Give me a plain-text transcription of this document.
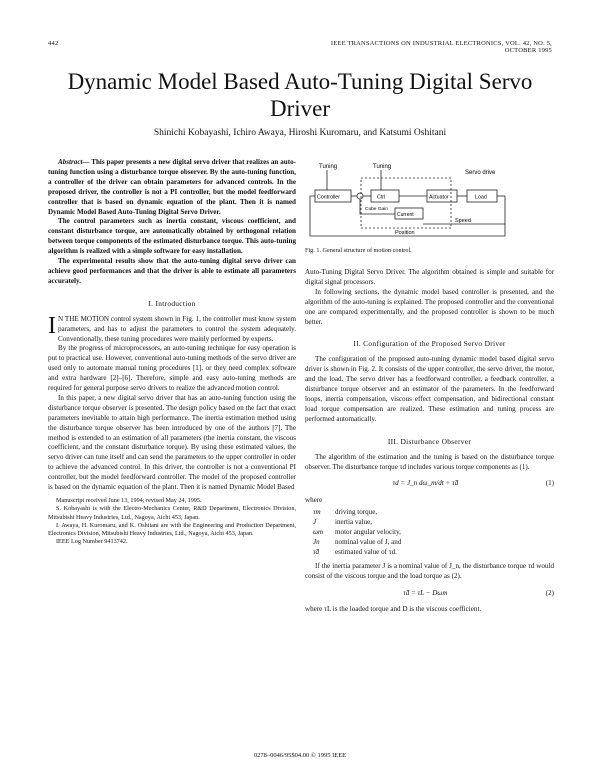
442	IEEE TRANSACTIONS ON INDUSTRIAL ELECTRONICS, VOL. 42, NO. 5, OCTOBER 1995
Dynamic Model Based Auto-Tuning Digital Servo Driver
Shinichi Kobayashi, Ichiro Awaya, Hiroshi Kuromaru, and Katsumi Oshitani

Abstract— This paper presents a new digital servo driver that realizes an auto-tuning function using a disturbance torque observer. By the auto-tuning function, a controller of the driver can obtain parameters for advanced controls. In the proposed driver, the controller is not a PI controller, but the model feedforward controller that is based on dynamic equation of the plant. Then it is named Dynamic Model Based Auto-Tuning Digital Servo Driver.

The control parameters such as inertia constant, viscous coefficient, and constant disturbance torque, are automatically obtained by orthogonal relation between torque components of the estimated disturbance torque. This auto-tuning algorithm is realized with a simple software for easy installation.

The experimental results show that the auto-tuning digital servo driver can achieve good performances and that the driver is able to estimate all parameters accurately.

I. Introduction

I N THE MOTION control system shown in Fig. 1, the controller must know system parameters, and has to adjust the parameters to control the system adequately. Conventionally, these tuning procedures were mainly performed by experts.

By the progress of microprocessors, an auto-tuning technique for easy operation is put to practical use. However, conventional auto-tuning methods of the servo driver are used only to automate manual tuning procedures [1], or they need complex software and extra hardware [2]–[6]. Therefore, simple and easy auto-tuning methods are required for general purpose servo drivers to realize the advanced motion control.

In this paper, a new digital servo driver that has an auto-tuning function using the disturbance torque observer is presented. The design policy based on the fact that exact parameters inevitable to attain high performance. The inertia estimation method using the disturbance torque observer has been introduced by one of the authors [7]. The method is extended to an estimation of all parameters (the inertia constant, the viscous coefficient, and the constant disturbance torque). By using these estimated values, the servo driver can tune itself and can send the parameters to the upper controller in order to achieve the advanced control. In this driver, the controller is not a conventional PI controller, but the model feedforward controller. The model of the proposed controller is based on the dynamic equation of the plant. Then it is named Dynamic Model Based

Manuscript received June 13, 1994; revised May 24, 1995.

S. Kobayashi is with the Electro-Mechanics Center, R&D Department, Electronics Division, Mitsubishi Heavy Industries, Ltd., Nagoya, Aichi 453, Japan.

I. Awaya, H. Kuromaru, and K. Oshitani are with the Engineering and Production Department, Electronics Division, Mitsubishi Heavy Industries, Ltd., Nagoya, Aichi 453, Japan.

IEEE Log Number 9413742.

Tuning	Tuning
Servo drive
Controller	Ctrl
Cube Gain
Current
Actuator	Load
Speed
Position
Fig. 1. General structure of motion control.

Auto-Tuning Digital Servo Driver. The algorithm obtained is simple and suitable for digital signal processors.

In following sections, the dynamic model based controller is presented, and the algorithm of the auto-tuning is explained. The proposed controller and the conventional one are compared experimentally, and the proposed controller is shown to be much better.

II. Configuration of the Proposed Servo Driver

The configuration of the proposed auto-tuning dynamic model based digital servo driver is shown in Fig. 2. It consists of the upper controller, the servo driver, the motor, and the load. The servo driver has a feedforward controller, a feedback controller, a disturbance torque observer and an estimator of the parameters. In the feedforward loops, inertia compensation, viscous effect compensation, and bidirectional constant load torque compensation are realized. These estimation and tuning process are performed automatically.

III. Disturbance Observer

The algorithm of the estimation and the tuning is based on the disturbance torque observer. The disturbance torque τd includes various torque components as (1).

τd = J_n dω_m/dt + τ̂d	(1)

where

τm	driving torque,
J	inertia value,
ωm	motor angular velocity,
Jn	nominal value of J, and
τ̂d	estimated value of τd.

If the inertia parameter J is a nominal value of J_n, the disturbance torque τd would consist of the viscous torque and the load torque as (2).

τ̂d = τL − Dωm	(2)

where τL is the loaded torque and D is the viscous coefficient.

0278–0046/95$04.00 © 1995 IEEE
